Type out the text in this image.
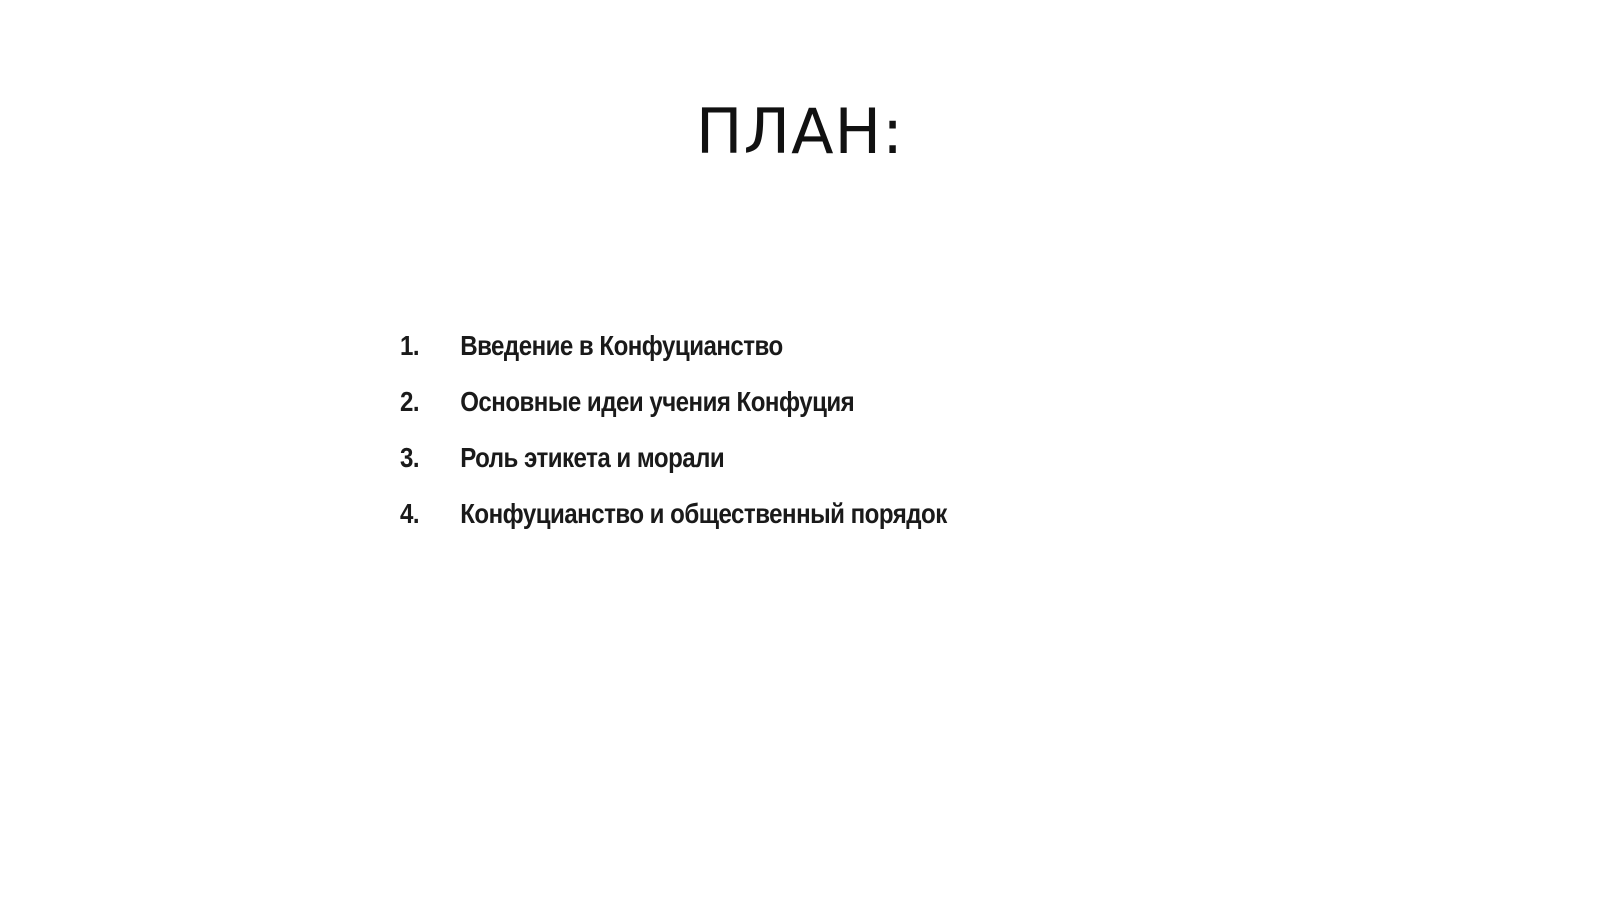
ПЛАН:
1.	Введение в Конфуцианство
2.	Основные идеи учения Конфуция
3.	Роль этикета и морали
4.	Конфуцианство и общественный порядок
